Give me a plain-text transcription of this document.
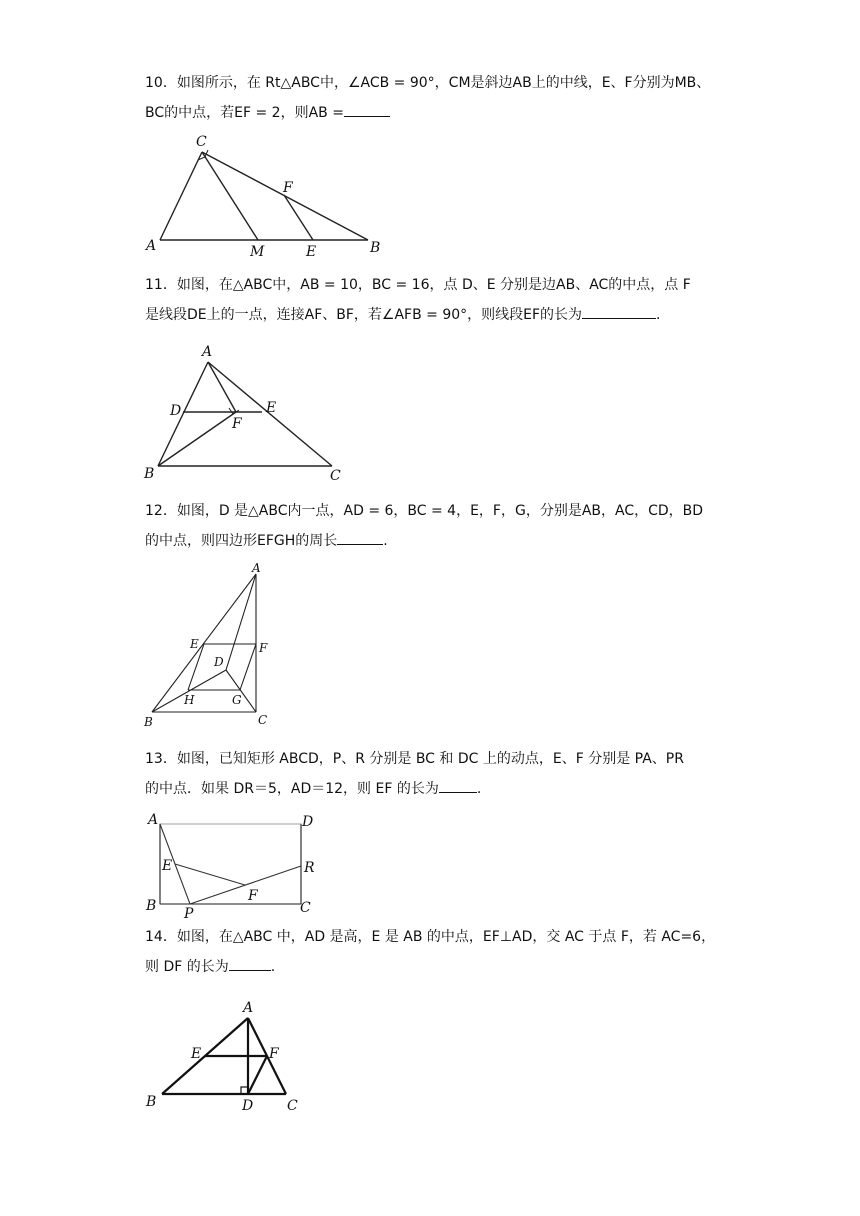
10．如图所示，在 Rt△ABC中，∠ACB = 90°，CM是斜边AB上的中线，E、F分别为MB、

BC的中点，若EF = 2，则AB =

A	B
C
M	E
F

11．如图，在△ABC中，AB = 10，BC = 16，点 D、E 分别是边AB、AC的中点，点 F

是线段DE上的一点，连接AF、BF，若∠AFB = 90°，则线段EF的长为	.

A
B	C
D	E
F

12．如图，D 是△ABC内一点，AD = 6，BC = 4，E，F，G，分别是AB，AC，CD，BD

的中点，则四边形EFGH的周长	.

A
B	C
D
E	F
G
H

13．如图，已知矩形 ABCD，P、R 分别是 BC 和 DC 上的动点，E、F 分别是 PA、PR

的中点．如果 DR＝5，AD＝12，则 EF 的长为	.

A
B	C
D
E
F
P
R

14．如图，在△ABC 中，AD 是高，E 是 AB 的中点，EF⊥AD，交 AC 于点 F，若 AC=6，

则 DF 的长为	.

A
B	C
D
E	F
